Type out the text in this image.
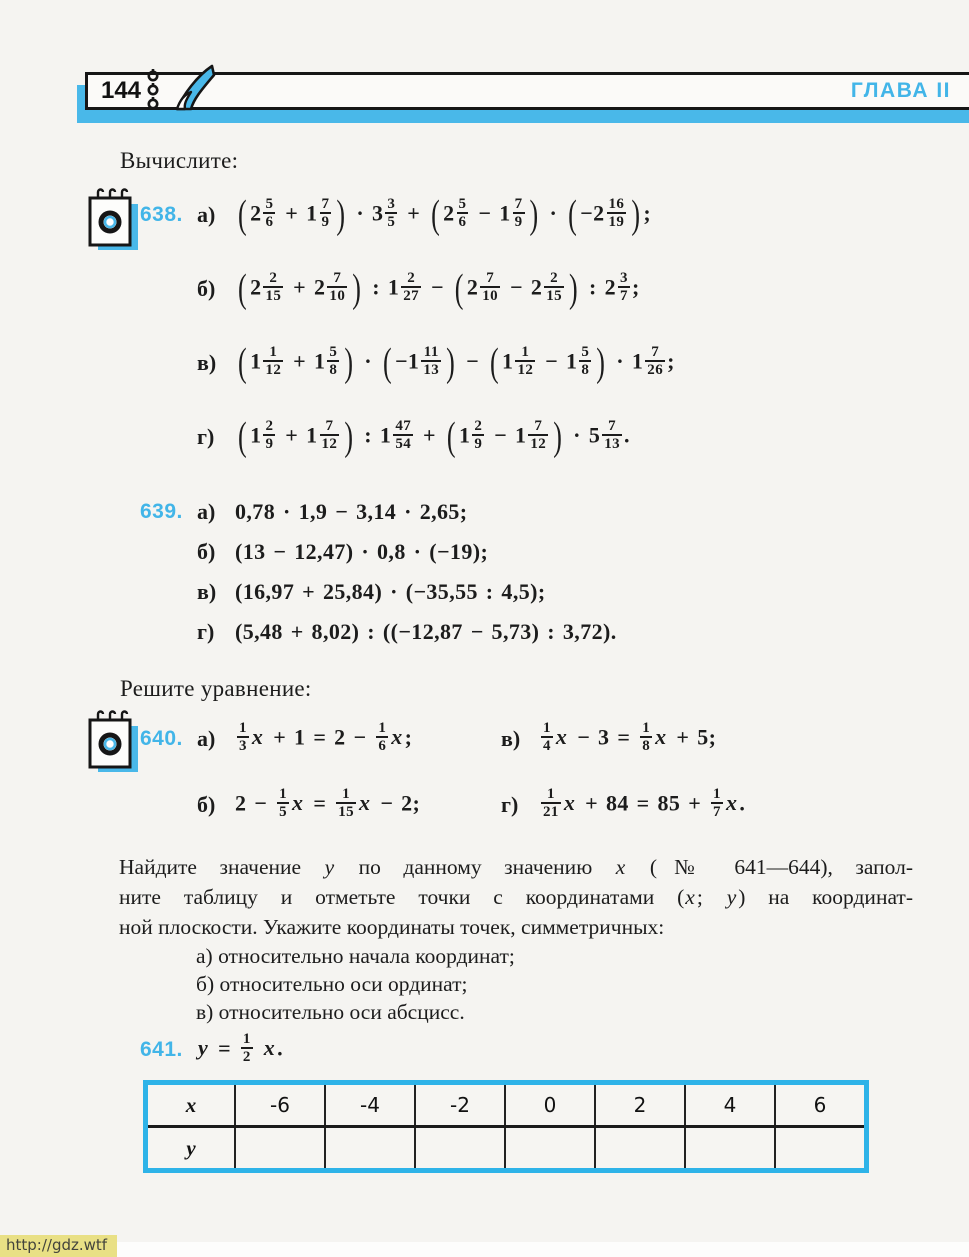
144	ГЛАВА II
Вычислите:
638. а) ( $2 \frac{5}{6} + 1 \frac{7}{9}$ ) · $3 \frac{3}{5}$ + ( $2 \frac{5}{6} - 1 \frac{7}{9}$ ) · ( $-2 \frac{16}{19}$ ) ;
б) ( $2 \frac{2}{15} + 2 \frac{7}{10}$ ) : $1 \frac{2}{27}$ − ( $2 \frac{7}{10} - 2 \frac{2}{15}$ ) : $2 \frac{3}{7}$ ;
в) ( $1 \frac{1}{12} + 1 \frac{5}{8}$ ) · ( $-1 \frac{11}{13}$ ) − ( $1 \frac{1}{12} - 1 \frac{5}{8}$ ) · $1 \frac{7}{26}$ ;
г) ( $1 \frac{2}{9} + 1 \frac{7}{12}$ ) : $1 \frac{47}{54}$ + ( $1 \frac{2}{9} - 1 \frac{7}{12}$ ) · $5 \frac{7}{13}$ .
639. а) 0,78 · 1,9 − 3,14 · 2,65;
б) (13 − 12,47) · 0,8 · (−19);
в) (16,97 + 25,84) · (−35,55 : 4,5);
г) (5,48 + 8,02) : ((−12,87 − 5,73) : 3,72).
Решите уравнение:
640. а)	$\frac{1}{3}$ $x + 1 = 2 - \frac{1}{6} x$;	в)	$\frac{1}{4}$ $x - 3 = \frac{1}{8}$ x + 5;
б) $2 - \frac{1}{5}$ $x = \frac{1}{15}$ x − 2;	г)	$\frac{1}{21}$ $x + 84 = 85 + \frac{1}{7} x$.
Найдите значение y по данному значению x (№ 641—644), запол-
ните таблицу и отметьте точки с координатами (x; y) на координат-
ной плоскости. Укажите координаты точек, симметричных:
а) относительно начала координат;
б) относительно оси ординат;
в) относительно оси абсцисс.
641. $y = \frac{1}{2} x$.
x	-6	-4	-2	0	2	4	6
y
http://gdz.wtf
